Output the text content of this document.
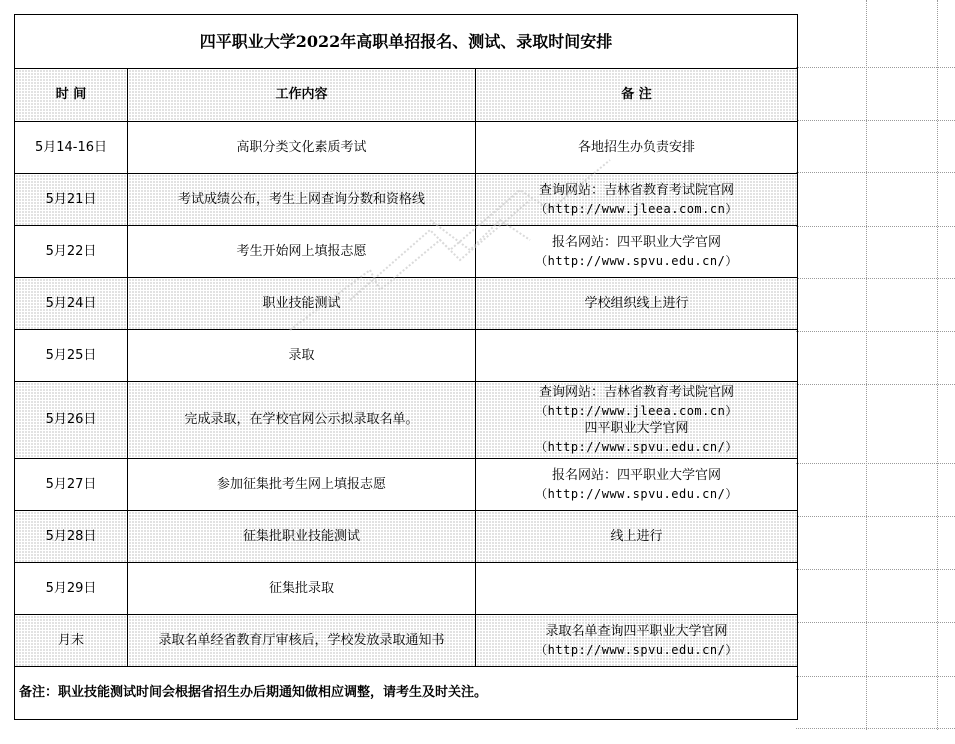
四平职业大学2022年高职单招报名、测试、录取时间安排		
时 间	工作内容	备 注
5月14-16日	高职分类文化素质考试	各地招生办负责安排

5月21日	考试成绩公布，考生上网查询分数和资格线	查询网站：吉林省教育考试院官网
（http://www.jleea.com.cn）

5月22日	考生开始网上填报志愿	报名网站：四平职业大学官网
（http://www.spvu.edu.cn/）

5月24日	职业技能测试	学校组织线上进行

5月25日	录取	
5月26日	完成录取，在学校官网公示拟录取名单。	查询网站：吉林省教育考试院官网
（http://www.jleea.com.cn）
四平职业大学官网
（http://www.spvu.edu.cn/）

5月27日	参加征集批考生网上填报志愿	报名网站：四平职业大学官网
（http://www.spvu.edu.cn/）

5月28日	征集批职业技能测试	线上进行

5月29日	征集批录取	
月末	录取名单经省教育厅审核后，学校发放录取通知书	录取名单查询四平职业大学官网
（http://www.spvu.edu.cn/）

备注：职业技能测试时间会根据省招生办后期通知做相应调整，请考生及时关注。		
